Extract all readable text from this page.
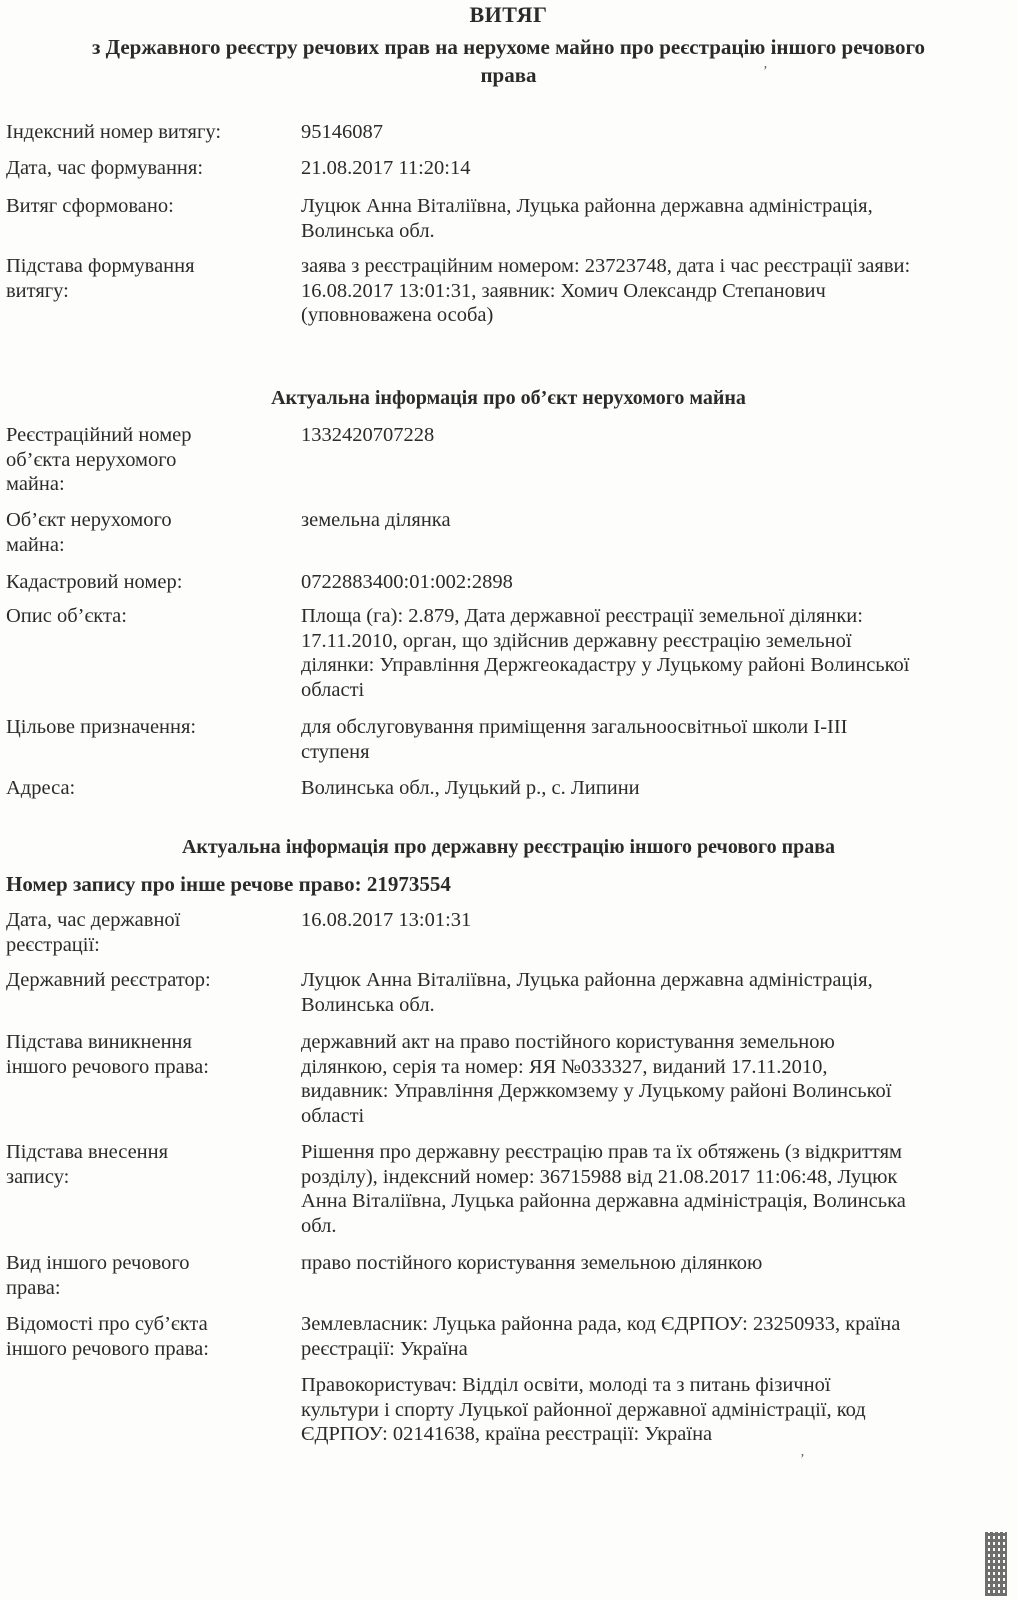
ВИТЯГ
з Державного реєстру речових прав на нерухоме майно про реєстрацію іншого речового
права
Індексний номер витягу:	95146087
Дата, час формування:	21.08.2017 11:20:14
Витяг сформовано:	Луцюк Анна Віталіївна, Луцька районна державна адміністрація,
Волинська обл.
Підстава формування
витягу:
заява з реєстраційним номером: 23723748, дата і час реєстрації заяви:
16.08.2017 13:01:31, заявник: Хомич Олександр Степанович
(уповноважена особа)
Актуальна інформація про об’єкт нерухомого майна
Реєстраційний номер
об’єкта нерухомого
майна:
1332420707228
Об’єкт нерухомого
майна:
земельна ділянка
Кадастровий номер:	0722883400:01:002:2898
Опис об’єкта:	Площа (га): 2.879, Дата державної реєстрації земельної ділянки:
17.11.2010, орган, що здійснив державну реєстрацію земельної
ділянки: Управління Держгеокадастру у Луцькому районі Волинської
області
Цільове призначення:	для обслуговування приміщення загальноосвітньої школи I-III
ступеня
Адреса:	Волинська обл., Луцький р., с. Липини
Актуальна інформація про державну реєстрацію іншого речового права
Номер запису про інше речове право: 21973554
Дата, час державної
реєстрації:
16.08.2017 13:01:31
Державний реєстратор:	Луцюк Анна Віталіївна, Луцька районна державна адміністрація,
Волинська обл.
Підстава виникнення
іншого речового права:
державний акт на право постійного користування земельною
ділянкою, серія та номер: ЯЯ №033327, виданий 17.11.2010,
видавник: Управління Держкомзему у Луцькому районі Волинської
області
Підстава внесення
запису:
Рішення про державну реєстрацію прав та їх обтяжень (з відкриттям
розділу), індексний номер: 36715988 від 21.08.2017 11:06:48, Луцюк
Анна Віталіївна, Луцька районна державна адміністрація, Волинська
обл.
Вид іншого речового
права:
право постійного користування земельною ділянкою
Відомості про суб’єкта
іншого речового права:
Землевласник: Луцька районна рада, код ЄДРПОУ: 23250933, країна
реєстрації: Україна
Правокористувач: Відділ освіти, молоді та з питань фізичної
культури і спорту Луцької районної державної адміністрації, код
ЄДРПОУ: 02141638, країна реєстрації: Україна
ʼ
ʼ
